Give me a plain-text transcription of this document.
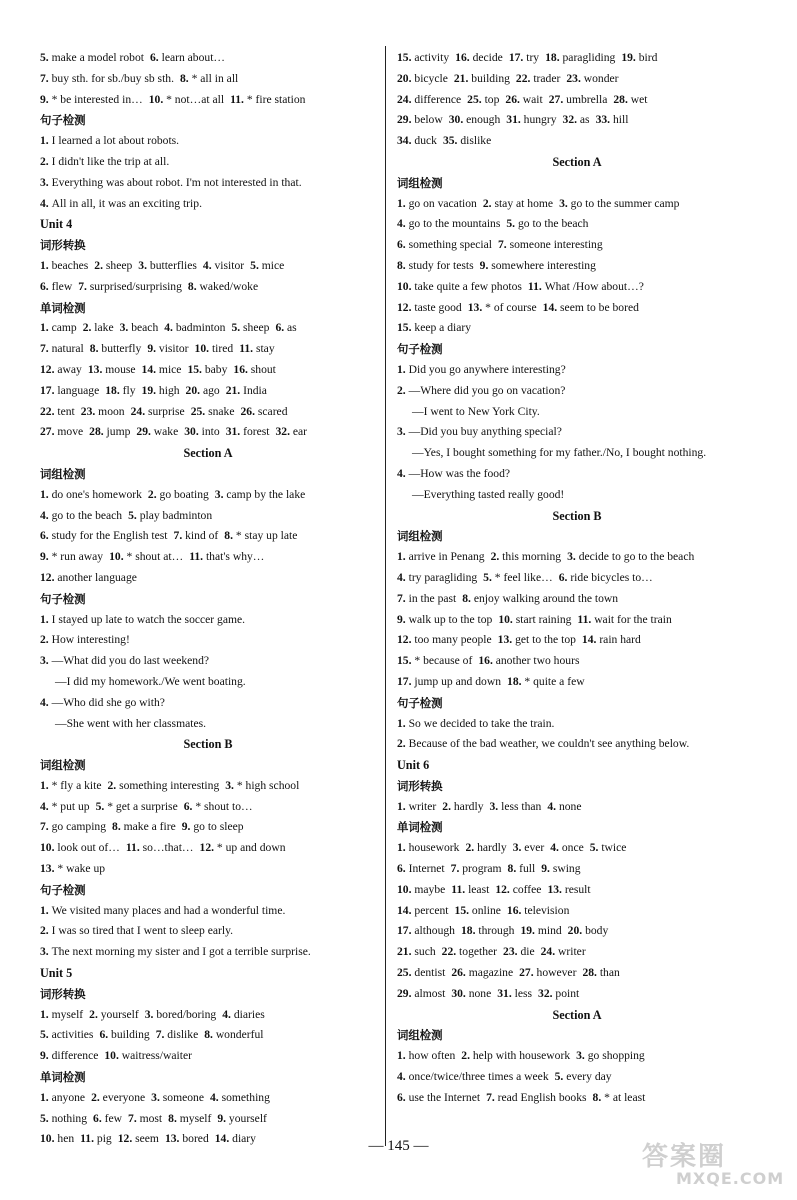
5. make a model robot 6. learn about…
7. buy sth. for sb./buy sb sth. 8. * all in all
9. * be interested in… 10. * not…at all 11. * fire station
句子检测
1. I learned a lot about robots.
2. I didn't like the trip at all.
3. Everything was about robot. I'm not interested in that.
4. All in all, it was an exciting trip.
Unit 4
词形转换
1. beaches 2. sheep 3. butterflies 4. visitor 5. mice
6. flew 7. surprised/surprising 8. waked/woke
单词检测
1. camp 2. lake 3. beach 4. badminton 5. sheep 6. as
7. natural 8. butterfly 9. visitor 10. tired 11. stay
12. away 13. mouse 14. mice 15. baby 16. shout
17. language 18. fly 19. high 20. ago 21. India
22. tent 23. moon 24. surprise 25. snake 26. scared
27. move 28. jump 29. wake 30. into 31. forest 32. ear
Section A
词组检测
1. do one's homework 2. go boating 3. camp by the lake
4. go to the beach 5. play badminton
6. study for the English test 7. kind of 8. * stay up late
9. * run away 10. * shout at… 11. that's why…
12. another language
句子检测
1. I stayed up late to watch the soccer game.
2. How interesting!
3. —What did you do last weekend?
—I did my homework./We went boating.
4. —Who did she go with?
—She went with her classmates.
Section B
词组检测
1. * fly a kite 2. something interesting 3. * high school
4. * put up 5. * get a surprise 6. * shout to…
7. go camping 8. make a fire 9. go to sleep
10. look out of… 11. so…that… 12. * up and down
13. * wake up
句子检测
1. We visited many places and had a wonderful time.
2. I was so tired that I went to sleep early.
3. The next morning my sister and I got a terrible surprise.
Unit 5
词形转换
1. myself 2. yourself 3. bored/boring 4. diaries
5. activities 6. building 7. dislike 8. wonderful
9. difference 10. waitress/waiter
单词检测
1. anyone 2. everyone 3. someone 4. something
5. nothing 6. few 7. most 8. myself 9. yourself
10. hen 11. pig 12. seem 13. bored 14. diary
15. activity 16. decide 17. try 18. paragliding 19. bird
20. bicycle 21. building 22. trader 23. wonder
24. difference 25. top 26. wait 27. umbrella 28. wet
29. below 30. enough 31. hungry 32. as 33. hill
34. duck 35. dislike
Section A
词组检测
1. go on vacation 2. stay at home 3. go to the summer camp
4. go to the mountains 5. go to the beach
6. something special 7. someone interesting
8. study for tests 9. somewhere interesting
10. take quite a few photos 11. What /How about…?
12. taste good 13. * of course 14. seem to be bored
15. keep a diary
句子检测
1. Did you go anywhere interesting?
2. —Where did you go on vacation?
—I went to New York City.
3. —Did you buy anything special?
—Yes, I bought something for my father./No, I bought nothing.
4. —How was the food?
—Everything tasted really good!
Section B
词组检测
1. arrive in Penang 2. this morning 3. decide to go to the beach
4. try paragliding 5. * feel like… 6. ride bicycles to…
7. in the past 8. enjoy walking around the town
9. walk up to the top 10. start raining 11. wait for the train
12. too many people 13. get to the top 14. rain hard
15. * because of 16. another two hours
17. jump up and down 18. * quite a few
句子检测
1. So we decided to take the train.
2. Because of the bad weather, we couldn't see anything below.
Unit 6
词形转换
1. writer 2. hardly 3. less than 4. none
单词检测
1. housework 2. hardly 3. ever 4. once 5. twice
6. Internet 7. program 8. full 9. swing
10. maybe 11. least 12. coffee 13. result
14. percent 15. online 16. television
17. although 18. through 19. mind 20. body
21. such 22. together 23. die 24. writer
25. dentist 26. magazine 27. however 28. than
29. almost 30. none 31. less 32. point
Section A
词组检测
1. how often 2. help with housework 3. go shopping
4. once/twice/three times a week 5. every day
6. use the Internet 7. read English books 8. * at least
— 145 —	答案圈
MXQE.COM
